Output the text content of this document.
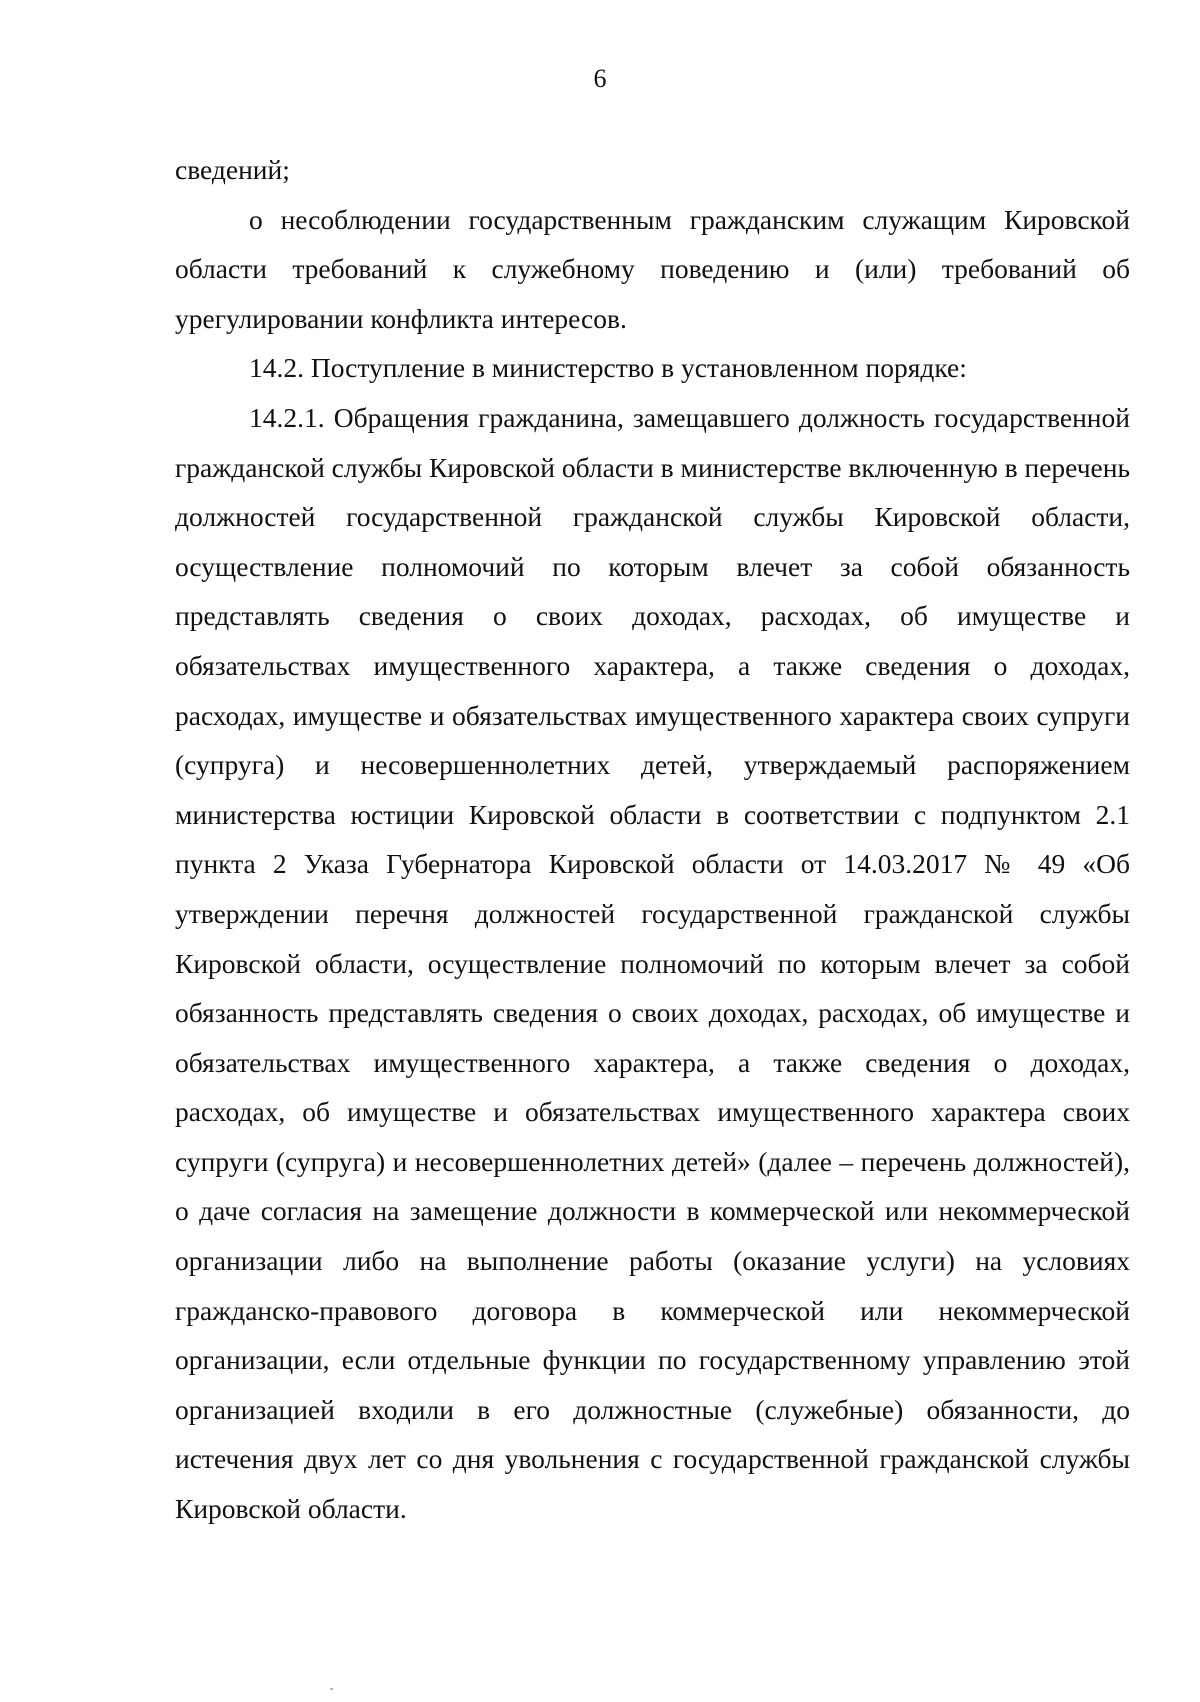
6

сведений;

о несоблюдении государственным гражданским служащим Кировской области требований к служебному поведению и (или) требований об урегулировании конфликта интересов.

14.2. Поступление в министерство в установленном порядке:

14.2.1. Обращения гражданина, замещавшего должность государственной гражданской службы Кировской области в министерстве включенную в перечень должностей государственной гражданской службы Кировской области, осуществление полномочий по которым влечет за собой обязанность представлять сведения о своих доходах, расходах, об имуществе и обязательствах имущественного характера, а также сведения о доходах, расходах, имуществе и обязательствах имущественного характера своих супруги (супруга) и несовершеннолетних детей, утверждаемый распоряжением министерства юстиции Кировской области в соответствии с подпунктом 2.1 пункта 2 Указа Губернатора Кировской области от 14.03.2017 № 49 «Об утверждении перечня должностей государственной гражданской службы Кировской области, осуществление полномочий по которым влечет за собой обязанность представлять сведения о своих доходах, расходах, об имуществе и обязательствах имущественного характера, а также сведения о доходах, расходах, об имуществе и обязательствах имущественного характера своих супруги (супруга) и несовершеннолетних детей» (далее – перечень должностей), о даче согласия на замещение должности в коммерческой или некоммерческой организации либо на выполнение работы (оказание услуги) на условиях гражданско-правового договора в коммерческой или некоммерческой организации, если отдельные функции по государственному управлению этой организацией входили в его должностные (служебные) обязанности, до истечения двух лет со дня увольнения с государственной гражданской службы Кировской области.
